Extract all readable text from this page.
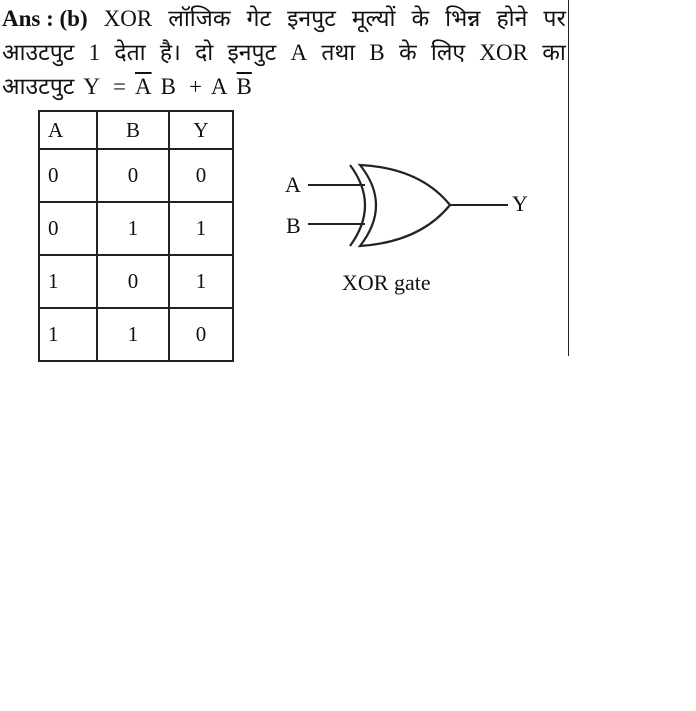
Ans : (b) XOR लॉजिक गेट इनपुट मूल्यों के भिन्न होने पर
आउटपुट 1 देता है। दो इनपुट A तथा B के लिए XOR का
आउटपुट $Y = \overline{A}$ B + A $\overline{B}$
A	B	Y
0	0	0
0	1	1
1	0	1
1	1	0
A
B
Y
XOR gate
